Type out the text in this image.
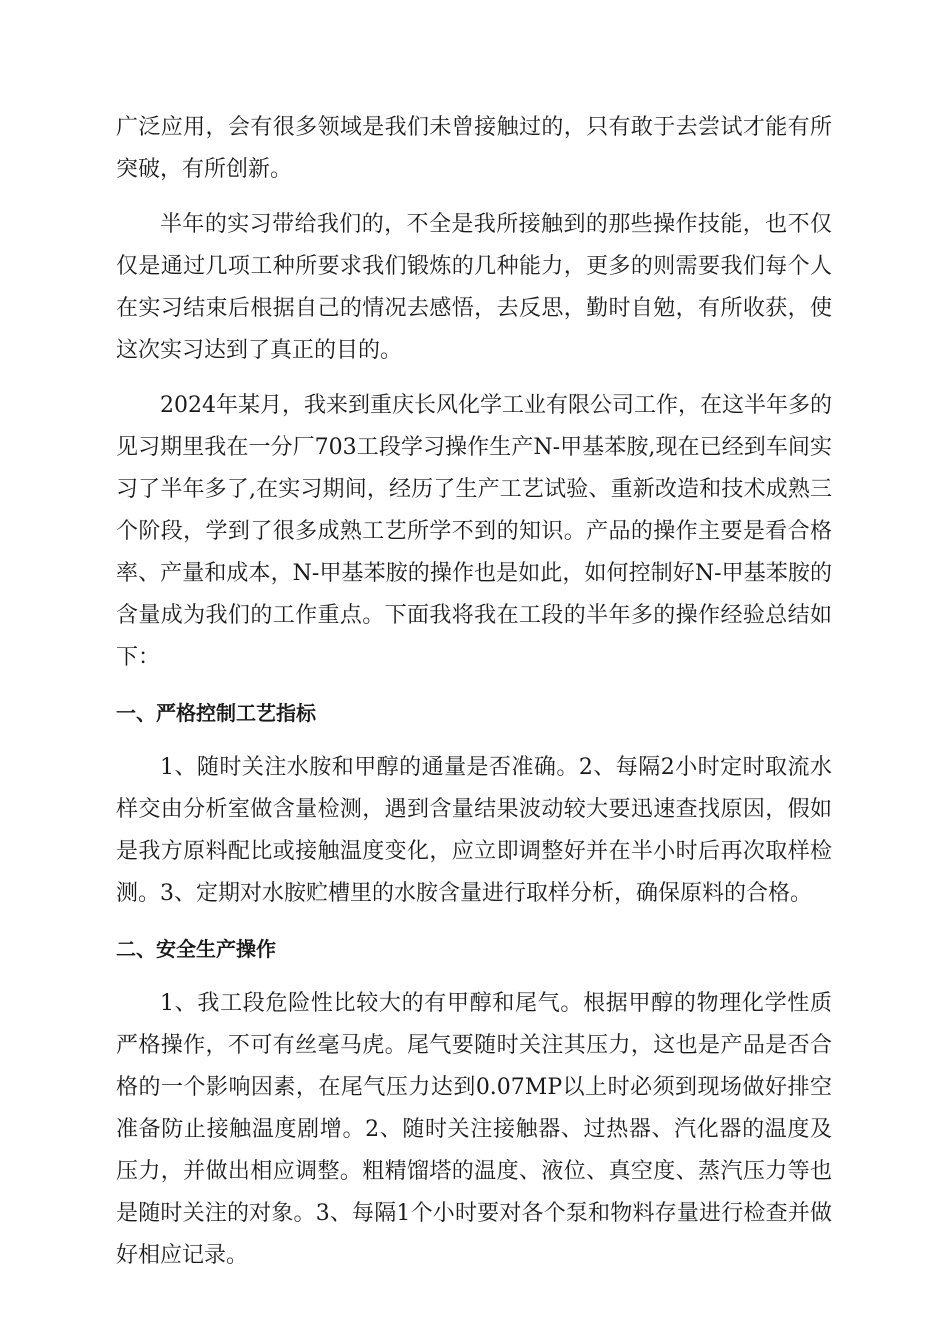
广泛应用，会有很多领域是我们未曾接触过的，只有敢于去尝试才能有所突破，有所创新。

半年的实习带给我们的，不全是我所接触到的那些操作技能，也不仅仅是通过几项工种所要求我们锻炼的几种能力，更多的则需要我们每个人在实习结束后根据自己的情况去感悟，去反思，勤时自勉，有所收获，使这次实习达到了真正的目的。

2024年某月，我来到重庆长风化学工业有限公司工作，在这半年多的见习期里我在一分厂703工段学习操作生产N-甲基苯胺,现在已经到车间实习了半年多了,在实习期间，经历了生产工艺试验、重新改造和技术成熟三个阶段，学到了很多成熟工艺所学不到的知识。产品的操作主要是看合格率、产量和成本，N-甲基苯胺的操作也是如此，如何控制好N-甲基苯胺的含量成为我们的工作重点。下面我将我在工段的半年多的操作经验总结如下：

一、严格控制工艺指标

1、随时关注水胺和甲醇的通量是否准确。2、每隔2小时定时取流水样交由分析室做含量检测，遇到含量结果波动较大要迅速查找原因，假如是我方原料配比或接触温度变化，应立即调整好并在半小时后再次取样检测。3、定期对水胺贮槽里的水胺含量进行取样分析，确保原料的合格。

二、安全生产操作

1、我工段危险性比较大的有甲醇和尾气。根据甲醇的物理化学性质严格操作，不可有丝毫马虎。尾气要随时关注其压力，这也是产品是否合格的一个影响因素，在尾气压力达到0.07MP以上时必须到现场做好排空准备防止接触温度剧增。2、随时关注接触器、过热器、汽化器的温度及压力，并做出相应调整。粗精馏塔的温度、液位、真空度、蒸汽压力等也是随时关注的对象。3、每隔1个小时要对各个泵和物料存量进行检查并做好相应记录。
